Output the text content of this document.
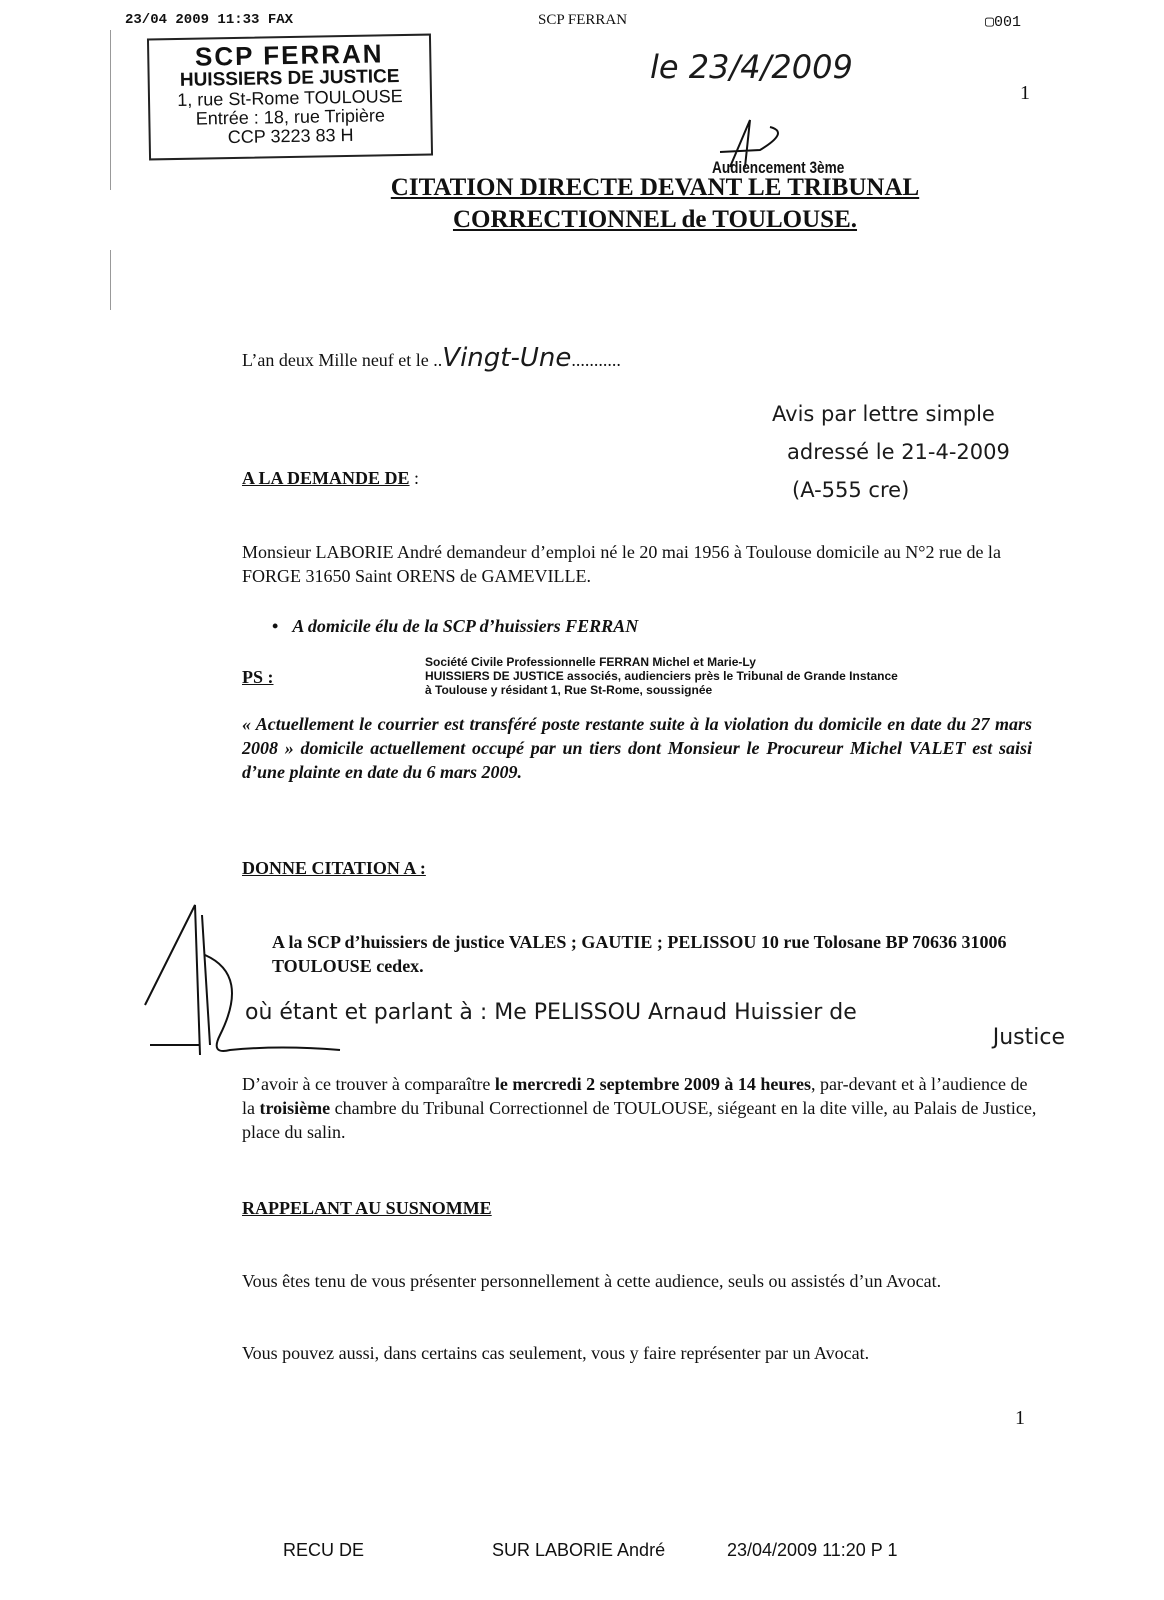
23/04 2009 11:33 FAX	SCP FERRAN	▢001
SCP FERRAN
HUISSIERS DE JUSTICE
1, rue St-Rome TOULOUSE
Entrée : 18, rue Tripière
CCP 3223 83 H
le 23/4/2009
1
Audiencement 3ème
CITATION DIRECTE DEVANT LE TRIBUNAL
CORRECTIONNEL de TOULOUSE.
L’an deux Mille neuf et le ..Vingt-Une...........
Avis par lettre simple
adressé le 21-4-2009
(A-555 cre)
A LA DEMANDE DE :
Monsieur LABORIE André demandeur d’emploi né le 20 mai 1956 à Toulouse domicile au N°2 rue de la FORGE 31650 Saint ORENS de GAMEVILLE.
• A domicile élu de la SCP d’huissiers FERRAN
PS :
Société Civile Professionnelle FERRAN Michel et Marie-Ly
HUISSIERS DE JUSTICE associés, audienciers près le Tribunal de Grande Instance
à Toulouse y résidant 1, Rue St-Rome, soussignée
« Actuellement le courrier est transféré poste restante suite à la violation du domicile en date du 27 mars 2008 » domicile actuellement occupé par un tiers dont Monsieur le Procureur Michel VALET est saisi d’une plainte en date du 6 mars 2009.
DONNE CITATION A :
A la SCP d’huissiers de justice VALES ; GAUTIE ; PELISSOU 10 rue Tolosane BP 70636 31006 TOULOUSE cedex.
où étant et parlant à : Me PELISSOU Arnaud Huissier de
Justice
D’avoir à ce trouver à comparaître le mercredi 2 septembre 2009 à 14 heures, par-devant et à l’audience de la troisième chambre du Tribunal Correctionnel de TOULOUSE, siégeant en la dite ville, au Palais de Justice, place du salin.
RAPPELANT AU SUSNOMME
Vous êtes tenu de vous présenter personnellement à cette audience, seuls ou assistés d’un Avocat.
Vous pouvez aussi, dans certains cas seulement, vous y faire représenter par un Avocat.
1
RECU DE	SUR LABORIE André	23/04/2009 11:20 P 1
